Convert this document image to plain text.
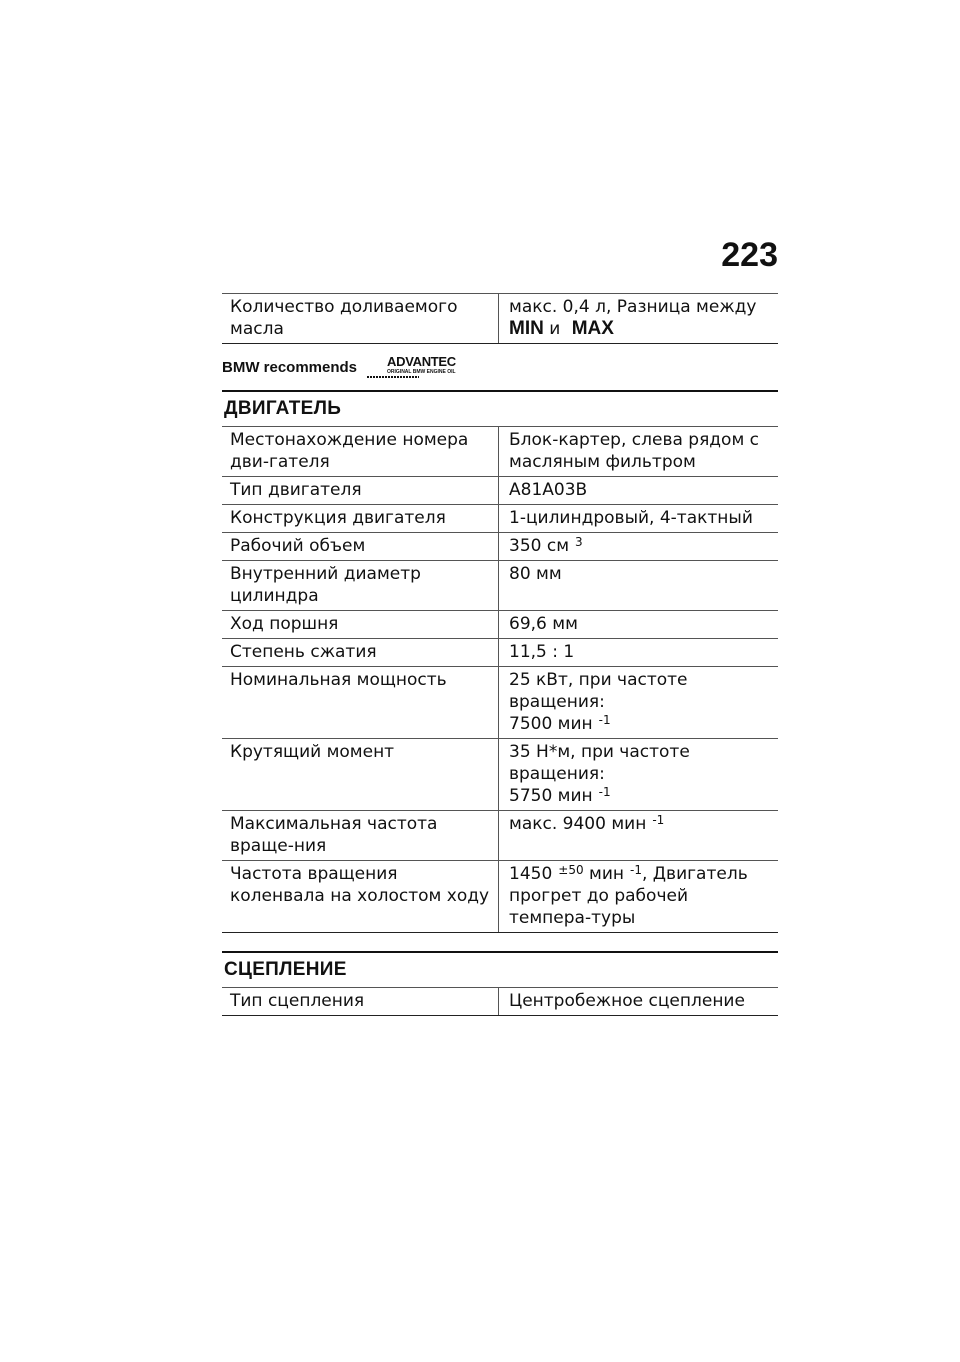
223
Количество доливаемого масла	макс. 0,4 л, Разница между
MIN и MAX
BMW recommends ADVANTEC
ORIGINAL BMW ENGINE OIL
ДВИГАТЕЛЬ
Местонахождение номера дви-гателя	Блок-картер, слева рядом с масляным фильтром
Тип двигателя	A81A03B
Конструкция двигателя	1-цилиндровый, 4-тактный
Рабочий объем	350 см $^3$
Внутренний диаметр цилиндра	80 мм
Ход поршня	69,6 мм
Степень сжатия	11,5 : 1
Номинальная мощность	25 кВт, при частоте вращения:
7500 мин $^{-1}$
Крутящий момент	35 Н*м, при частоте вращения:
5750 мин $^{-1}$
Максимальная частота враще-ния	макс. 9400 мин $^{-1}$
Частота вращения коленвала на холостом ходу	1450 $^{\pm 50}$ мин $^{-1}$, Двигатель прогрет до рабочей темпера-туры
СЦЕПЛЕНИЕ
Тип сцепления	Центробежное сцепление
